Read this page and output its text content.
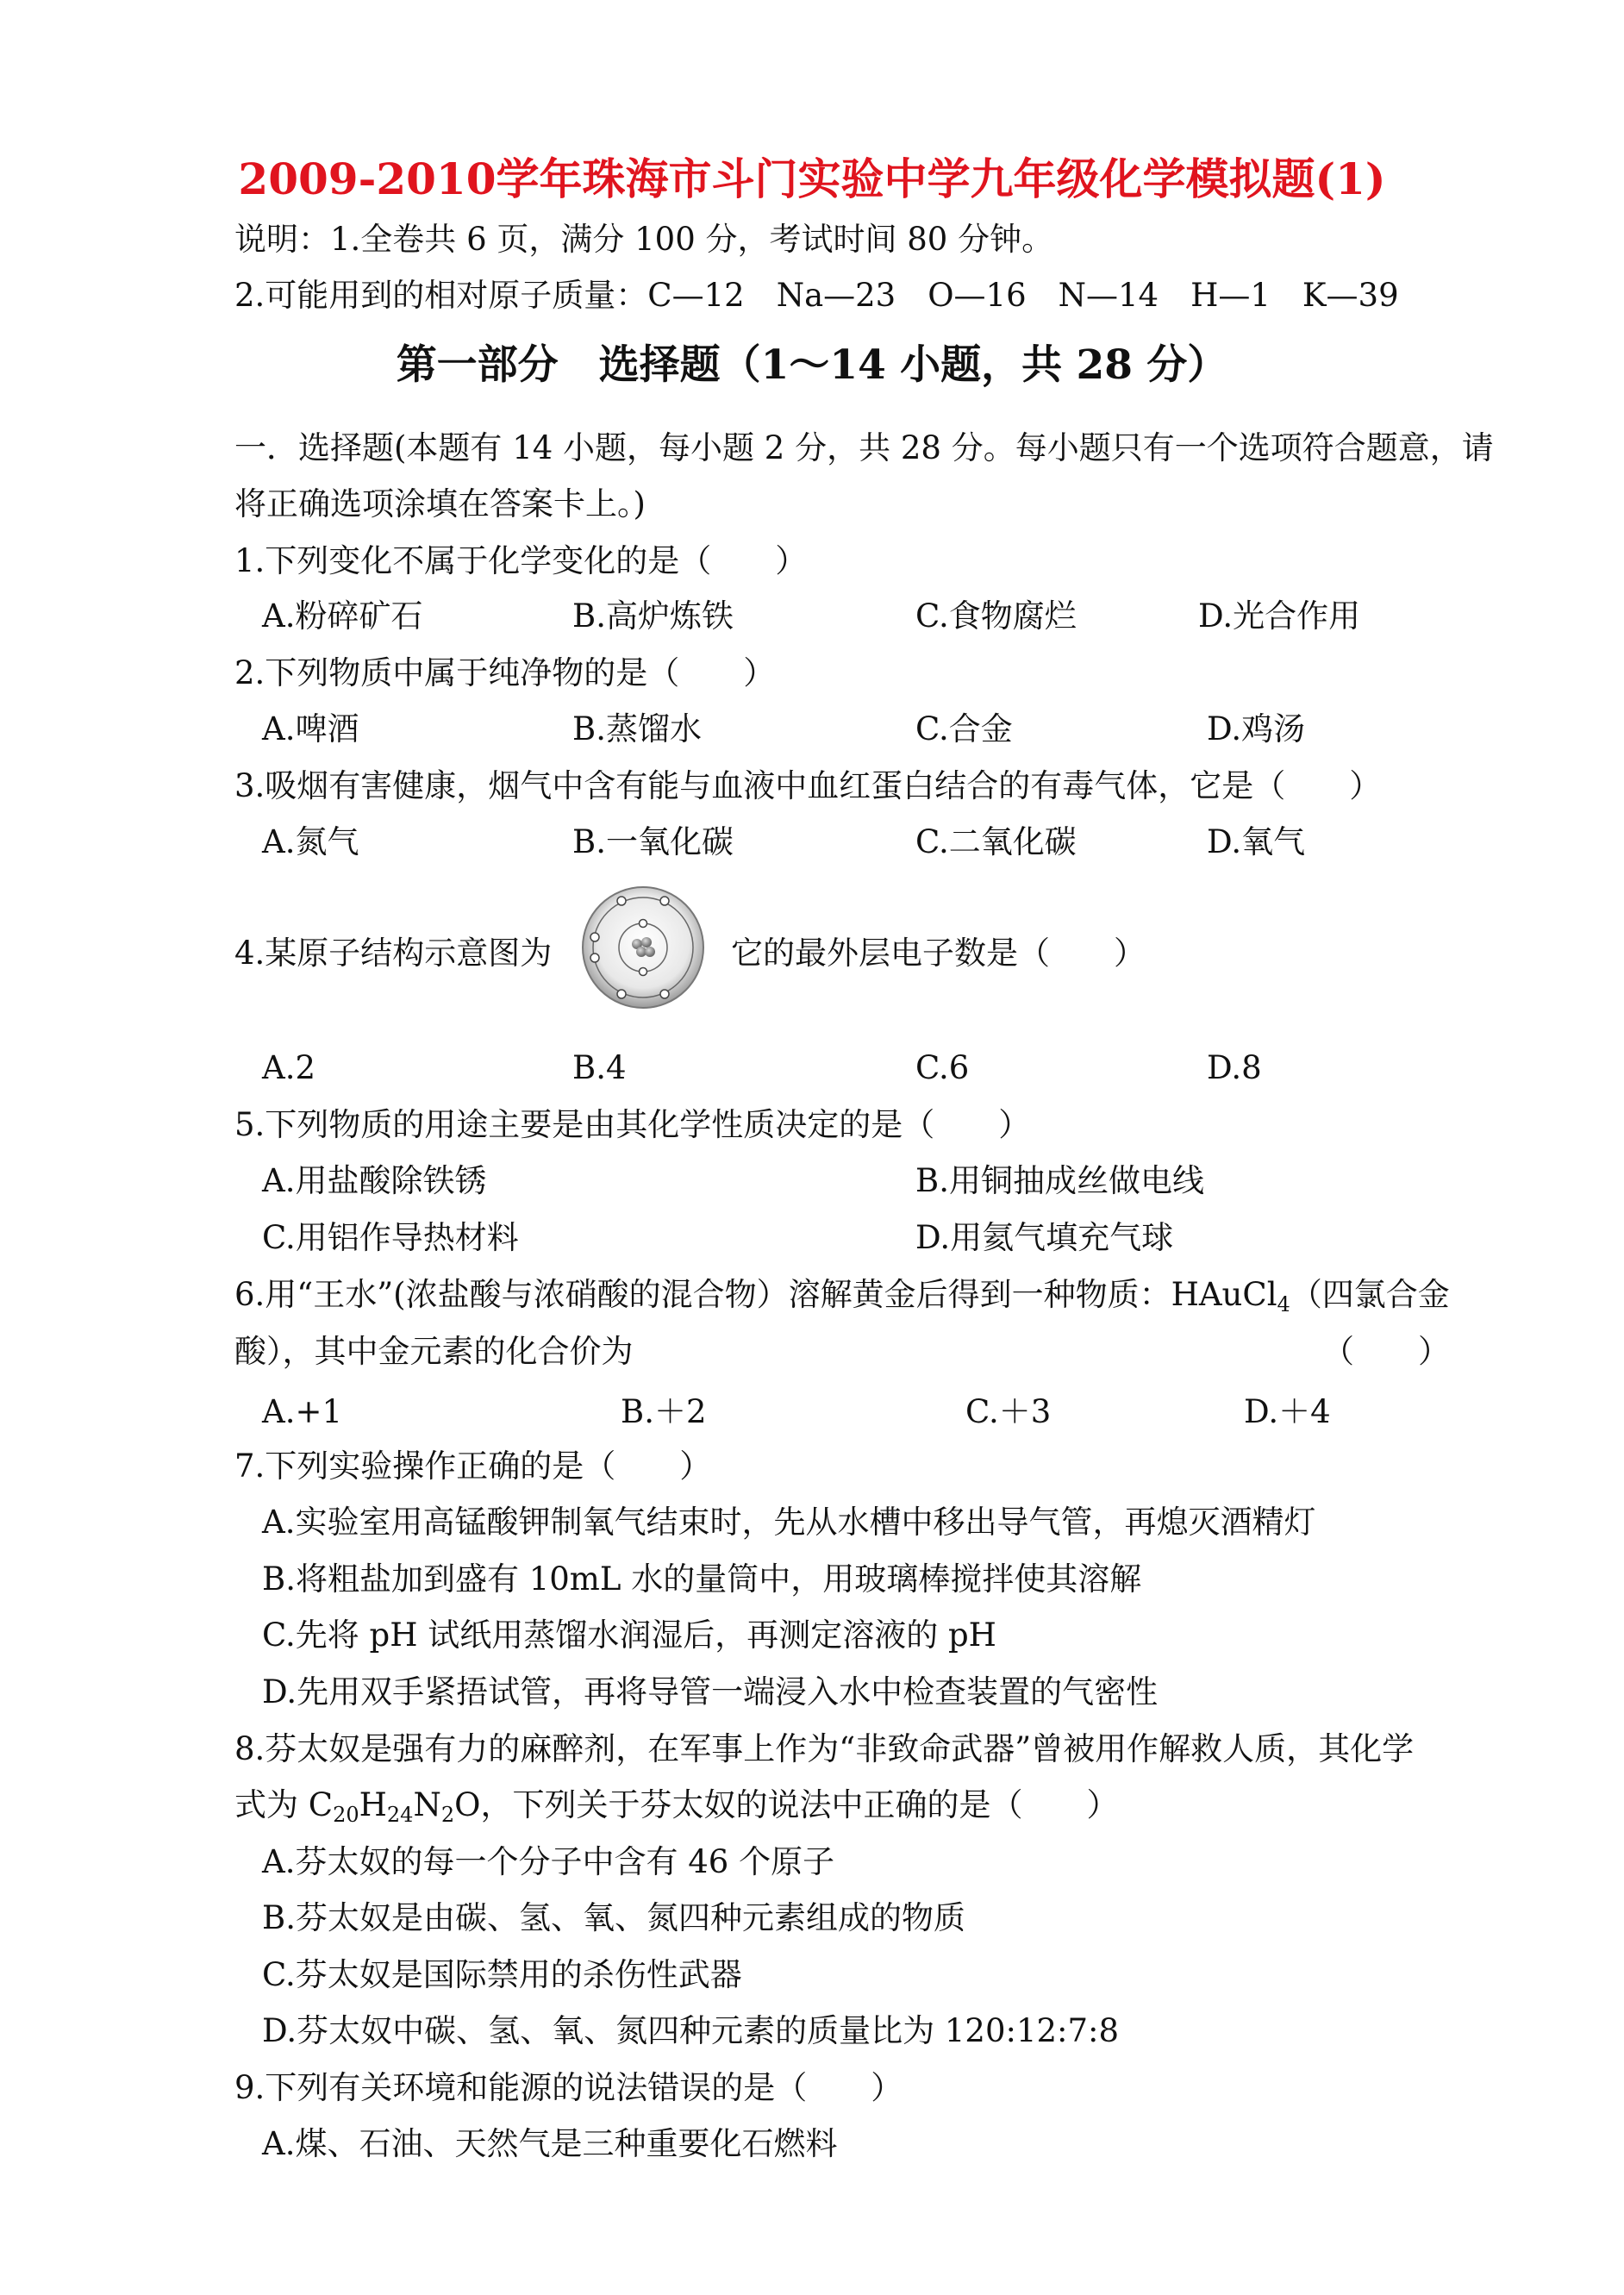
2009-2010学年珠海市斗门实验中学九年级化学模拟题(1)
说明：1.全卷共 6 页，满分 100 分，考试时间 80 分钟。
2.可能用到的相对原子质量：C—12　Na—23　O—16　N—14　H—1　K—39
第一部分　选择题（1～14 小题，共 28 分）
一．选择题(本题有 14 小题，每小题 2 分，共 28 分。每小题只有一个选项符合题意，请
将正确选项涂填在答案卡上。)
1.下列变化不属于化学变化的是（　　）
A.粉碎矿石	B.高炉炼铁	C.食物腐烂	D.光合作用
2.下列物质中属于纯净物的是（　　）
A.啤酒	B.蒸馏水	C.合金	D.鸡汤
3.吸烟有害健康，烟气中含有能与血液中血红蛋白结合的有毒气体，它是（　　）
A.氮气	B.一氧化碳	C.二氧化碳	D.氧气
4.某原子结构示意图为	它的最外层电子数是（　　）
A.2	B.4	C.6	D.8
5.下列物质的用途主要是由其化学性质决定的是（　　）
A.用盐酸除铁锈	B.用铜抽成丝做电线
C.用铝作导热材料	D.用氦气填充气球
6.用“王水”(浓盐酸与浓硝酸的混合物）溶解黄金后得到一种物质：HAuCl$_4$（四氯合金
酸），其中金元素的化合价为	（　　）
A.+1	B.＋2	C.＋3	D.＋4
7.下列实验操作正确的是（　　）
A.实验室用高锰酸钾制氧气结束时，先从水槽中移出导气管，再熄灭酒精灯
B.将粗盐加到盛有 10mL 水的量筒中，用玻璃棒搅拌使其溶解
C.先将 pH 试纸用蒸馏水润湿后，再测定溶液的 pH
D.先用双手紧捂试管，再将导管一端浸入水中检查装置的气密性
8.芬太奴是强有力的麻醉剂，在军事上作为“非致命武器”曾被用作解救人质，其化学
式为 $C_{20}H_{24}N_2O$，下列关于芬太奴的说法中正确的是（　　）
A.芬太奴的每一个分子中含有 46 个原子
B.芬太奴是由碳、氢、氧、氮四种元素组成的物质
C.芬太奴是国际禁用的杀伤性武器
D.芬太奴中碳、氢、氧、氮四种元素的质量比为 120:12:7:8
9.下列有关环境和能源的说法错误的是（　　）
A.煤、石油、天然气是三种重要化石燃料
